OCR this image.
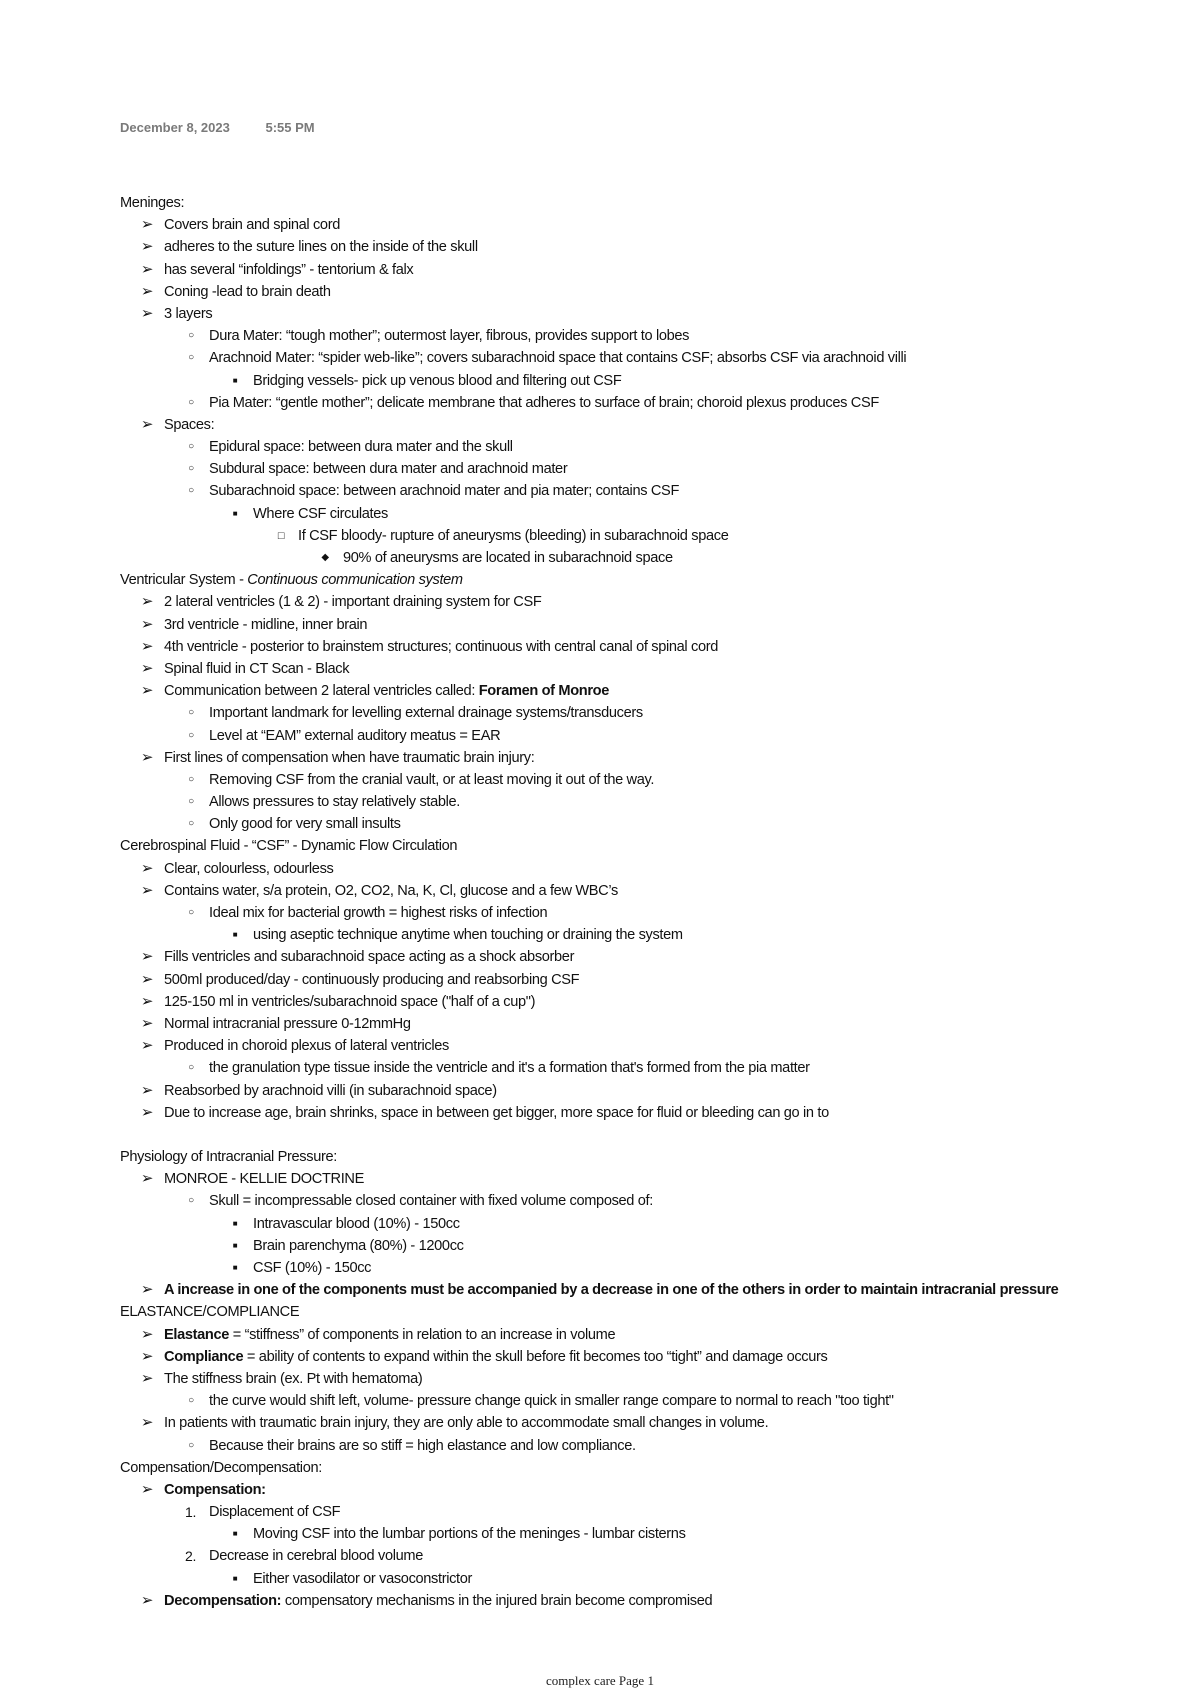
December 8, 2023	5:55 PM
Meninges:
➢ Covers brain and spinal cord
➢ adheres to the suture lines on the inside of the skull
➢ has several “infoldings” - tentorium & falx
➢ Coning -lead to brain death
➢ 3 layers
○	Dura Mater: “tough mother”; outermost layer, fibrous, provides support to lobes
○	Arachnoid Mater: “spider web-like”; covers subarachnoid space that contains CSF; absorbs CSF via arachnoid villi
■	Bridging vessels- pick up venous blood and filtering out CSF
○	Pia Mater: “gentle mother”; delicate membrane that adheres to surface of brain; choroid plexus produces CSF
➢ Spaces:
○	Epidural space: between dura mater and the skull
○	Subdural space: between dura mater and arachnoid mater
○	Subarachnoid space: between arachnoid mater and pia mater; contains CSF
■	Where CSF circulates
□ If CSF bloody- rupture of aneurysms (bleeding) in subarachnoid space
◆ 90% of aneurysms are located in subarachnoid space
Ventricular System - Continuous communication system
➢ 2 lateral ventricles (1 & 2) - important draining system for CSF
➢ 3rd ventricle - midline, inner brain
➢ 4th ventricle - posterior to brainstem structures; continuous with central canal of spinal cord
➢ Spinal fluid in CT Scan - Black
➢ Communication between 2 lateral ventricles called: Foramen of Monroe
○	Important landmark for levelling external drainage systems/transducers
○	Level at “EAM” external auditory meatus = EAR
➢ First lines of compensation when have traumatic brain injury:
○	Removing CSF from the cranial vault, or at least moving it out of the way.
○	Allows pressures to stay relatively stable.
○	Only good for very small insults
Cerebrospinal Fluid - “CSF” - Dynamic Flow Circulation
➢ Clear, colourless, odourless
➢ Contains water, s/a protein, O2, CO2, Na, K, Cl, glucose and a few WBC’s
○	Ideal mix for bacterial growth = highest risks of infection
■	using aseptic technique anytime when touching or draining the system
➢ Fills ventricles and subarachnoid space acting as a shock absorber
➢ 500ml produced/day - continuously producing and reabsorbing CSF
➢ 125-150 ml in ventricles/subarachnoid space ("half of a cup")
➢ Normal intracranial pressure 0-12mmHg
➢ Produced in choroid plexus of lateral ventricles
○	the granulation type tissue inside the ventricle and it's a formation that's formed from the pia matter
➢ Reabsorbed by arachnoid villi (in subarachnoid space)
➢ Due to increase age, brain shrinks, space in between get bigger, more space for fluid or bleeding can go in to
Physiology of Intracranial Pressure:
➢ MONROE - KELLIE DOCTRINE
○	Skull = incompressable closed container with fixed volume composed of:
■	Intravascular blood (10%) - 150cc
■	Brain parenchyma (80%) - 1200cc
■	CSF (10%) - 150cc
➢ A increase in one of the components must be accompanied by a decrease in one of the others in order to maintain intracranial pressure
ELASTANCE/COMPLIANCE
➢ Elastance = “stiffness” of components in relation to an increase in volume
➢ Compliance = ability of contents to expand within the skull before fit becomes too “tight” and damage occurs
➢ The stiffness brain (ex. Pt with hematoma)
○	the curve would shift left, volume- pressure change quick in smaller range compare to normal to reach "too tight"
➢ In patients with traumatic brain injury, they are only able to accommodate small changes in volume.
○	Because their brains are so stiff = high elastance and low compliance.
Compensation/Decompensation:
➢ Compensation:
1. Displacement of CSF
■	Moving CSF into the lumbar portions of the meninges - lumbar cisterns
2. Decrease in cerebral blood volume
■	Either vasodilator or vasoconstrictor
➢ Decompensation: compensatory mechanisms in the injured brain become compromised
complex care Page 1
